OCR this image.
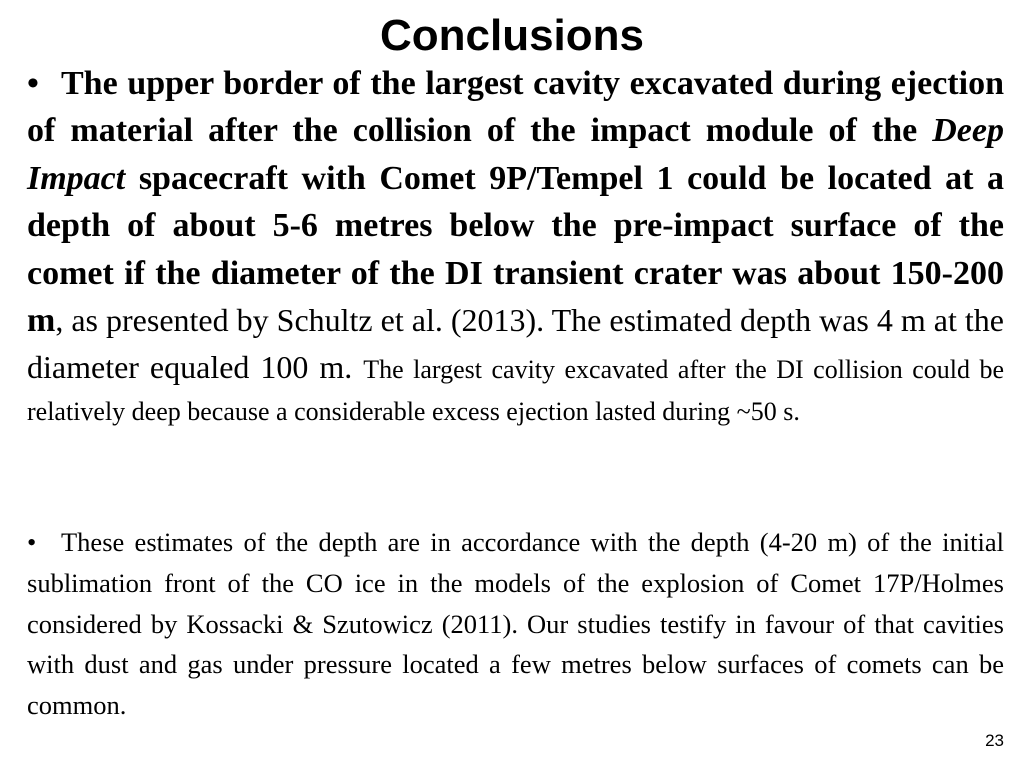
Conclusions

• The upper border of the largest cavity excavated during ejection of material after the collision of the impact module of the Deep Impact spacecraft with Comet 9P/Tempel 1 could be located at a depth of about 5-6 metres below the pre-impact surface of the comet if the diameter of the DI transient crater was about 150-200 m, as presented by Schultz et al. (2013). The estimated depth was 4 m at the diameter equaled 100 m. The largest cavity excavated after the DI collision could be relatively deep because a considerable excess ejection lasted during ~50 s.

• These estimates of the depth are in accordance with the depth (4-20 m) of the initial sublimation front of the CO ice in the models of the explosion of Comet 17P/Holmes considered by Kossacki & Szutowicz (2011). Our studies testify in favour of that cavities with dust and gas under pressure located a few metres below surfaces of comets can be common.

23
